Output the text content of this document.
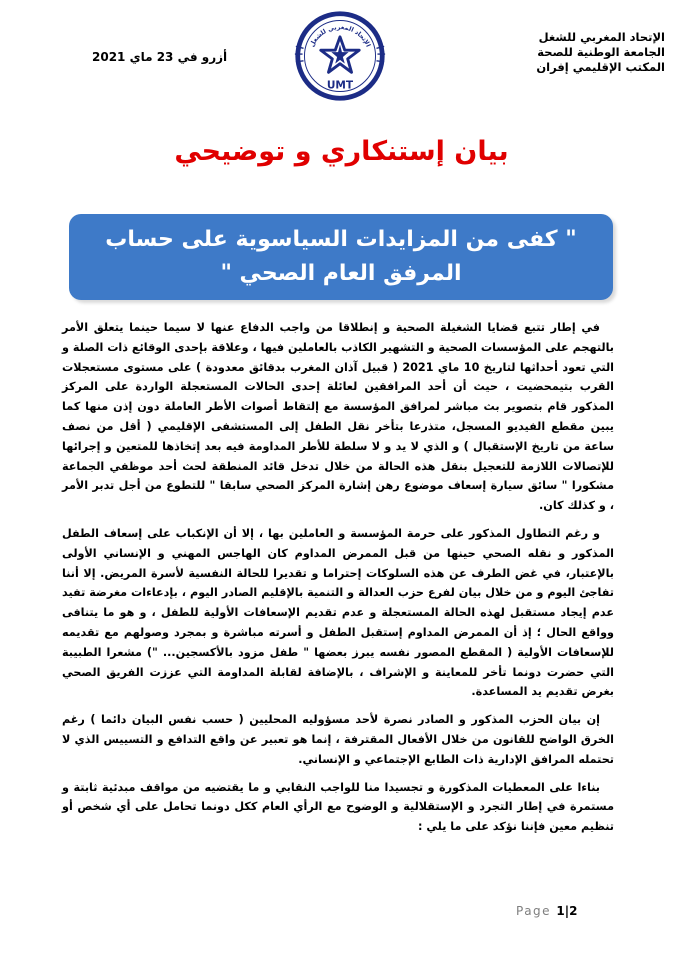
الإتحاد المغربي للشغل
الجامعة الوطنية للصحة
المكتب الإقليمي إفران
الإتحاد المغربي للشغل
UMT
أزرو في 23 ماي 2021
بيان إستنكاري و توضيحي
" كفى من المزايدات السياسوية على حساب المرفق العام الصحي "

في إطار تتبع قضايا الشغيلة الصحية و إنطلاقا من واجب الدفاع عنها لا سيما حينما يتعلق الأمر بالتهجم على المؤسسات الصحية و التشهير الكاذب بالعاملين فيها ، وعلاقة بإحدى الوقائع ذات الصلة و التي تعود أحداثها لتاريخ 10 ماي 2021 ( قبيل آذان المغرب بدقائق معدودة ) على مستوى مستعجلات القرب بتيمحضيت ، حيث أن أحد المرافقين لعائلة إحدى الحالات المستعجلة الواردة على المركز المذكور قام بتصوير بث مباشر لمرافق المؤسسة مع إلتقاط أصوات الأطر العاملة دون إذن منها كما يبين مقطع الفيديو المسجل، متذرعا بتأخر نقل الطفل إلى المستشفى الإقليمي ( أقل من نصف ساعة من تاريخ الإستقبال ) و الذي لا يد و لا سلطة للأطر المداومة فيه بعد إتخاذها للمتعين و إجرائها للإتصالات اللازمة للتعجيل بنقل هذه الحالة من خلال تدخل قائد المنطقة لحث أحد موظفي الجماعة مشكورا " سائق سيارة إسعاف موضوع رهن إشارة المركز الصحي سابقا " للتطوع من أجل تدبر الأمر ، و كذلك كان.

و رغم التطاول المذكور على حرمة المؤسسة و العاملين بها ، إلا أن الإنكباب على إسعاف الطفل المذكور و نقله الصحي حينها من قبل الممرض المداوم كان الهاجس المهني و الإنساني الأولى بالإعتبار، في غض الطرف عن هذه السلوكات إحتراما و تقديرا للحالة النفسية لأسرة المريض. إلا أننا تفاجئ اليوم و من خلال بيان لفرع حزب العدالة و التنمية بالإقليم الصادر اليوم ، بإدعاءات مغرضة تفيد عدم إيجاد مستقبل لهذه الحالة المستعجلة و عدم تقديم الإسعافات الأولية للطفل ، و هو ما يتنافى وواقع الحال ؛ إذ أن الممرض المداوم إستقبل الطفل و أسرته مباشرة و بمجرد وصولهم مع تقديمه للإسعافات الأولية ( المقطع المصور نفسه يبرز بعضها " طفل مزود بالأكسجين... ") مشعرا الطبيبة التي حضرت دونما تأخر للمعاينة و الإشراف ، بالإضافة لقابلة المداومة التي عززت الفريق الصحي بغرض تقديم يد المساعدة.

إن بيان الحزب المذكور و الصادر نصرة لأحد مسؤوليه المحليين ( حسب نفس البيان دائما ) رغم الخرق الواضح للقانون من خلال الأفعال المقترفة ، إنما هو تعبير عن واقع التدافع و التسييس الذي لا تحتمله المرافق الإدارية ذات الطابع الإجتماعي و الإنساني.

بناءا على المعطيات المذكورة و تجسيدا منا للواجب النقابي و ما يقتضيه من مواقف مبدئية ثابتة و مستمرة في إطار التجرد و الإستقلالية و الوضوح مع الرأي العام ككل دونما تحامل على أي شخص أو تنظيم معين فإننا نؤكد على ما يلي :

Page 1|2
